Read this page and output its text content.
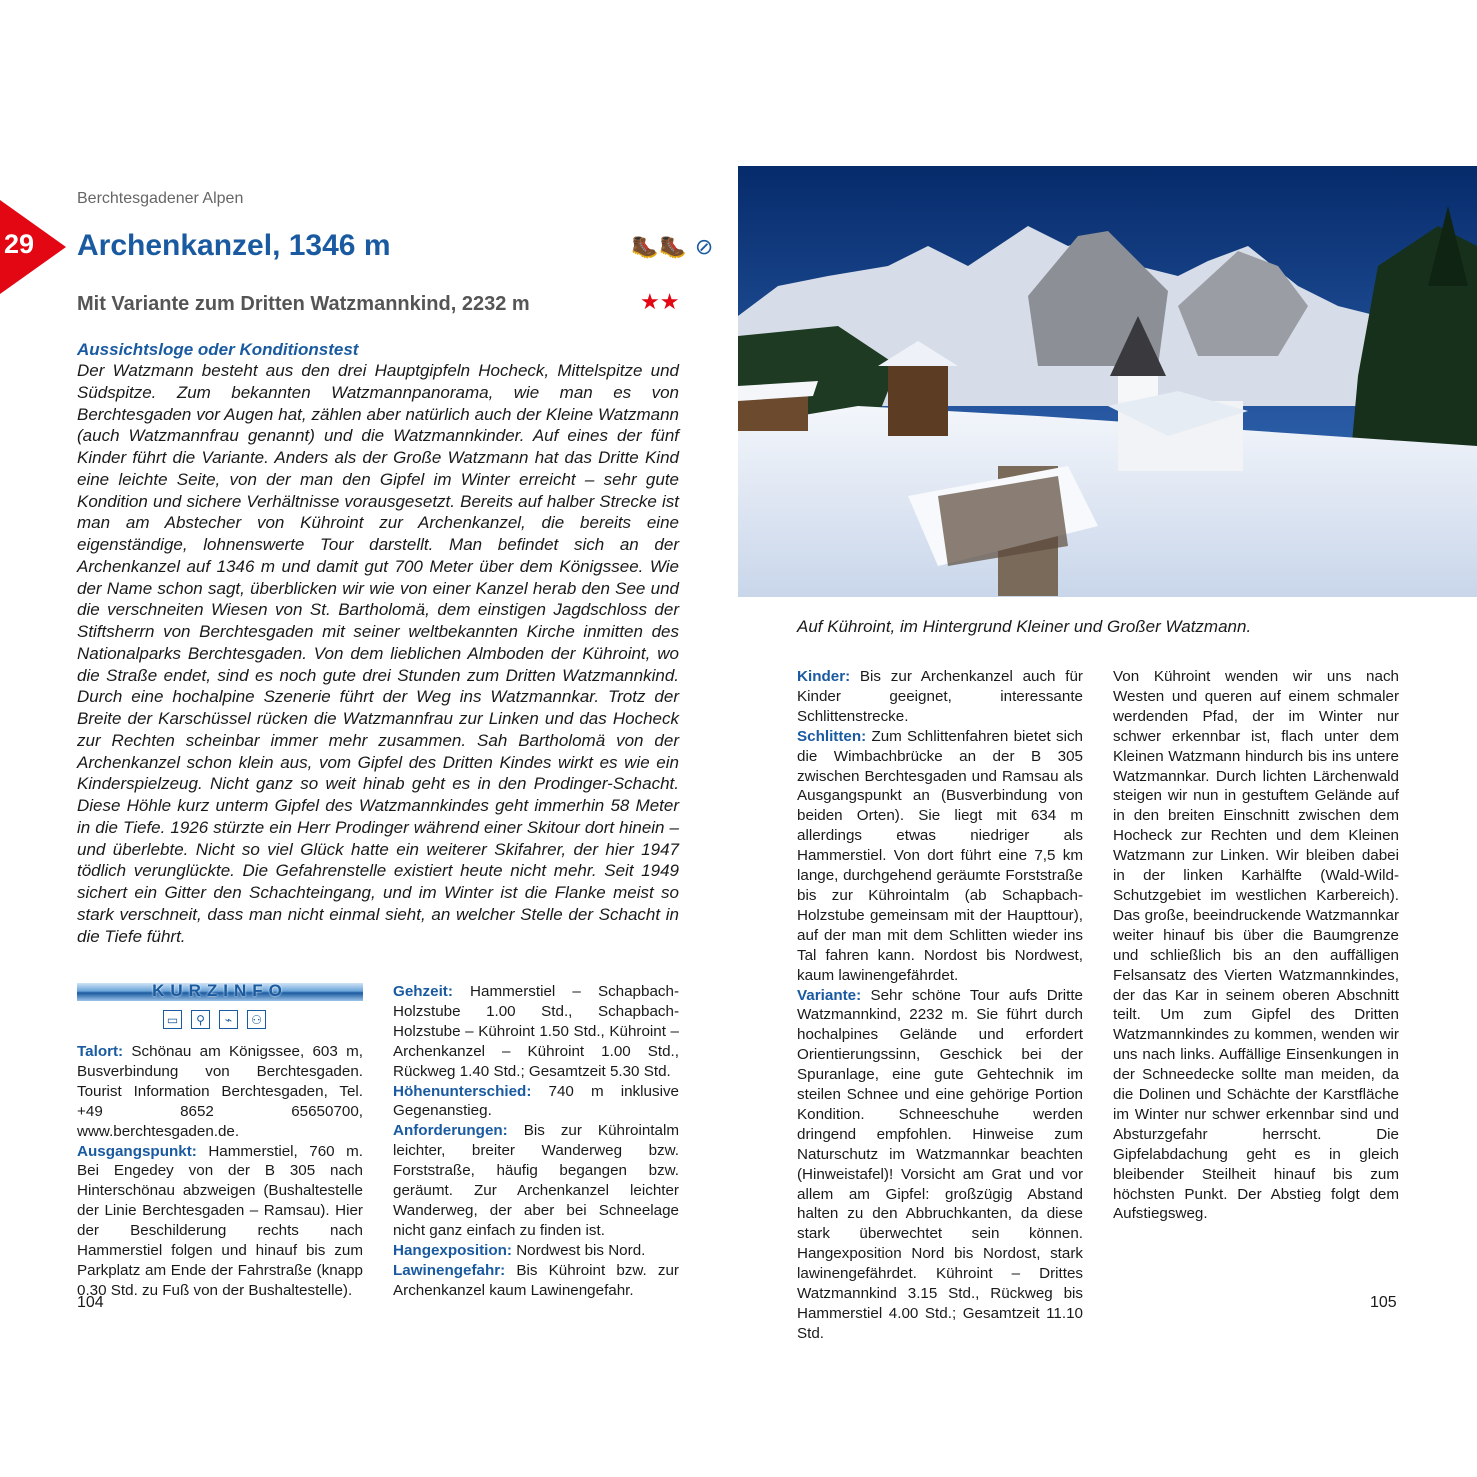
Berchtesgadener Alpen
29	Archenkanzel, 1346 m	🥾🥾 ⊘
Mit Variante zum Dritten Watzmannkind, 2232 m	★★
Aussichtsloge oder Konditionstest
Der Watzmann besteht aus den drei Hauptgipfeln Hocheck, Mittelspitze und Südspitze. Zum bekannten Watzmannpanorama, wie man es von Berchtesgaden vor Augen hat, zählen aber natürlich auch der Kleine Watzmann (auch Watzmannfrau genannt) und die Watzmannkinder. Auf eines der fünf Kinder führt die Variante. Anders als der Große Watzmann hat das Dritte Kind eine leichte Seite, von der man den Gipfel im Winter erreicht – sehr gute Kondition und sichere Verhältnisse vorausgesetzt. Bereits auf halber Strecke ist man am Abstecher von Kühroint zur Archenkanzel, die bereits eine eigenständige, lohnenswerte Tour darstellt. Man befindet sich an der Archenkanzel auf 1346 m und damit gut 700 Meter über dem Königssee. Wie der Name schon sagt, überblicken wir wie von einer Kanzel herab den See und die verschneiten Wiesen von St. Bartholomä, dem einstigen Jagdschloss der Stiftsherrn von Berchtesgaden mit seiner weltbekannten Kirche inmitten des Nationalparks Berchtesgaden. Von dem lieblichen Almboden der Kühroint, wo die Straße endet, sind es noch gute drei Stunden zum Dritten Watzmannkind. Durch eine hochalpine Szenerie führt der Weg ins Watzmannkar. Trotz der Breite der Karschüssel rücken die Watzmannfrau zur Linken und das Hocheck zur Rechten scheinbar immer mehr zusammen. Sah Bartholomä von der Archenkanzel schon klein aus, vom Gipfel des Dritten Kindes wirkt es wie ein Kinderspielzeug. Nicht ganz so weit hinab geht es in den Prodinger-Schacht. Diese Höhle kurz unterm Gipfel des Watzmannkindes geht immerhin 58 Meter in die Tiefe. 1926 stürzte ein Herr Prodinger während einer Skitour dort hinein – und überlebte. Nicht so viel Glück hatte ein weiterer Skifahrer, der hier 1947 tödlich verunglückte. Die Gefahrenstelle existiert heute nicht mehr. Seit 1949 sichert ein Gitter den Schachteingang, und im Winter ist die Flanke meist so stark verschneit, dass man nicht einmal sieht, an welcher Stelle der Schacht in die Tiefe führt.
KURZINFO
▭ ⚲ ⌁ ⚇

Talort: Schönau am Königssee, 603 m, Busverbindung von Berchtesgaden. Tourist Information Berchtesgaden, Tel. +49 8652 65650700, www.berchtesgaden.de.

Ausgangspunkt: Hammerstiel, 760 m. Bei Engedey von der B 305 nach Hinterschönau abzweigen (Bushaltestelle der Linie Berchtesgaden – Ramsau). Hier der Beschilderung rechts nach Hammerstiel folgen und hinauf bis zum Parkplatz am Ende der Fahrstraße (knapp 0.30 Std. zu Fuß von der Bushaltestelle).

Gehzeit: Hammerstiel – Schapbach-Holzstube 1.00 Std., Schapbach-Holzstube – Kühroint 1.50 Std., Kühroint – Archenkanzel – Kühroint 1.00 Std., Rückweg 1.40 Std.; Gesamtzeit 5.30 Std.

Höhenunterschied: 740 m inklusive Gegenanstieg.

Anforderungen: Bis zur Kührointalm leichter, breiter Wanderweg bzw. Forststraße, häufig begangen bzw. geräumt. Zur Archenkanzel leichter Wanderweg, der aber bei Schneelage nicht ganz einfach zu finden ist.

Hangexposition: Nordwest bis Nord.

Lawinengefahr: Bis Kühroint bzw. zur Archenkanzel kaum Lawinengefahr.

104
Auf Kühroint, im Hintergrund Kleiner und Großer Watzmann.

Kinder: Bis zur Archenkanzel auch für Kinder geeignet, interessante Schlittenstrecke.

Schlitten: Zum Schlittenfahren bietet sich die Wimbachbrücke an der B 305 zwischen Berchtesgaden und Ramsau als Ausgangspunkt an (Busverbindung von beiden Orten). Sie liegt mit 634 m allerdings etwas niedriger als Hammerstiel. Von dort führt eine 7,5 km lange, durchgehend geräumte Forststraße bis zur Kührointalm (ab Schapbach-Holzstube gemeinsam mit der Haupttour), auf der man mit dem Schlitten wieder ins Tal fahren kann. Nordost bis Nordwest, kaum lawinengefährdet.

Variante: Sehr schöne Tour aufs Dritte Watzmannkind, 2232 m. Sie führt durch hochalpines Gelände und erfordert Orientierungssinn, Geschick bei der Spuranlage, eine gute Gehtechnik im steilen Schnee und eine gehörige Portion Kondition. Schneeschuhe werden dringend empfohlen. Hinweise zum Naturschutz im Watzmannkar beachten (Hinweistafel)! Vorsicht am Grat und vor allem am Gipfel: großzügig Abstand halten zu den Abbruchkanten, da diese stark überwechtet sein können. Hangexposition Nord bis Nordost, stark lawinengefährdet. Kühroint – Drittes Watzmannkind 3.15 Std., Rückweg bis Hammerstiel 4.00 Std.; Gesamtzeit 11.10 Std.

Von Kühroint wenden wir uns nach Westen und queren auf einem schmaler werdenden Pfad, der im Winter nur schwer erkennbar ist, flach unter dem Kleinen Watzmann hindurch bis ins untere Watzmannkar. Durch lichten Lärchenwald steigen wir nun in gestuftem Gelände auf in den breiten Einschnitt zwischen dem Hocheck zur Rechten und dem Kleinen Watzmann zur Linken. Wir bleiben dabei in der linken Karhälfte (Wald-Wild-Schutzgebiet im westlichen Karbereich). Das große, beeindruckende Watzmannkar weiter hinauf bis über die Baumgrenze und schließlich bis an den auffälligen Felsansatz des Vierten Watzmannkindes, der das Kar in seinem oberen Abschnitt teilt. Um zum Gipfel des Dritten Watzmannkindes zu kommen, wenden wir uns nach links. Auffällige Einsenkungen in der Schneedecke sollte man meiden, da die Dolinen und Schächte der Karstfläche im Winter nur schwer erkennbar sind und Absturzgefahr herrscht. Die Gipfelabdachung geht es in gleich bleibender Steilheit hinauf bis zum höchsten Punkt. Der Abstieg folgt dem Aufstiegsweg.

105
